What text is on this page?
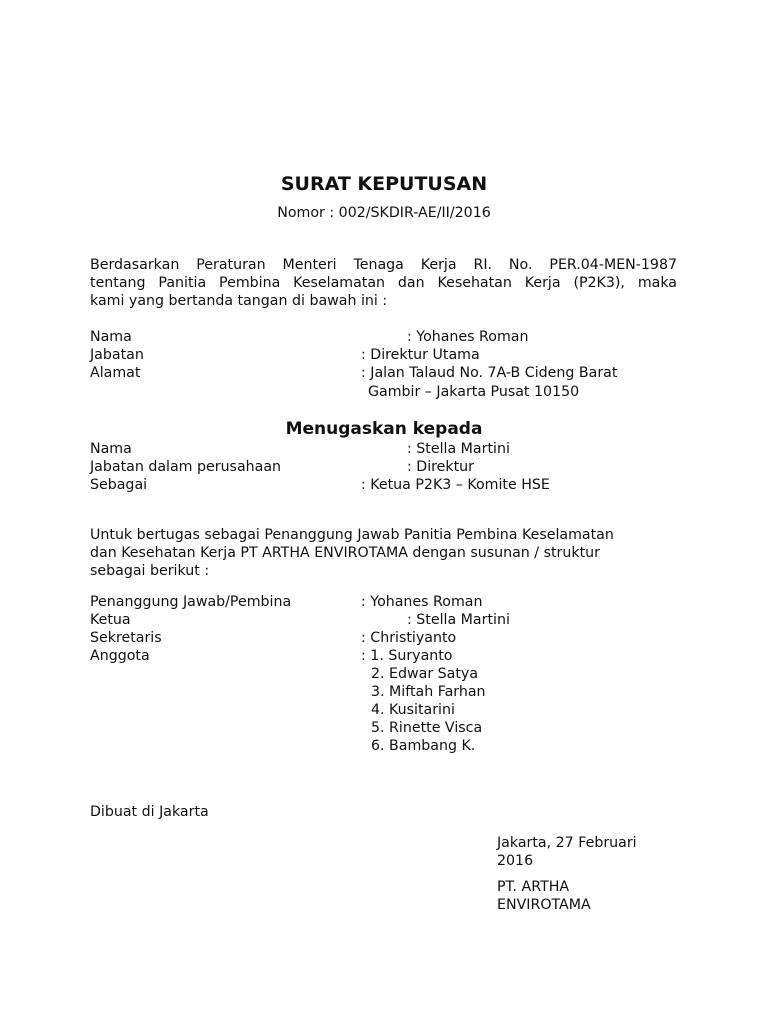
SURAT KEPUTUSAN
Nomor : 002/SKDIR-AE/II/2016
Berdasarkan Peraturan Menteri Tenaga Kerja RI. No. PER.04-MEN-1987
tentang Panitia Pembina Keselamatan dan Kesehatan Kerja (P2K3), maka
kami yang bertanda tangan di bawah ini :
Nama	: Yohanes Roman
Jabatan	: Direktur Utama
Alamat	: Jalan Talaud No. 7A-B Cideng Barat
Gambir – Jakarta Pusat 10150
Menugaskan kepada
Nama	: Stella Martini
Jabatan dalam perusahaan	: Direktur
Sebagai	: Ketua P2K3 – Komite HSE
Untuk bertugas sebagai Penanggung Jawab Panitia Pembina Keselamatan
dan Kesehatan Kerja PT ARTHA ENVIROTAMA dengan susunan / struktur
sebagai berikut :
Penanggung Jawab/Pembina	: Yohanes Roman
Ketua	: Stella Martini
Sekretaris	: Christiyanto
Anggota	: 1. Suryanto
2. Edwar Satya
3. Miftah Farhan
4. Kusitarini
5. Rinette Visca
6. Bambang K.
Dibuat di Jakarta
Jakarta, 27 Februari
2016
PT. ARTHA
ENVIROTAMA
